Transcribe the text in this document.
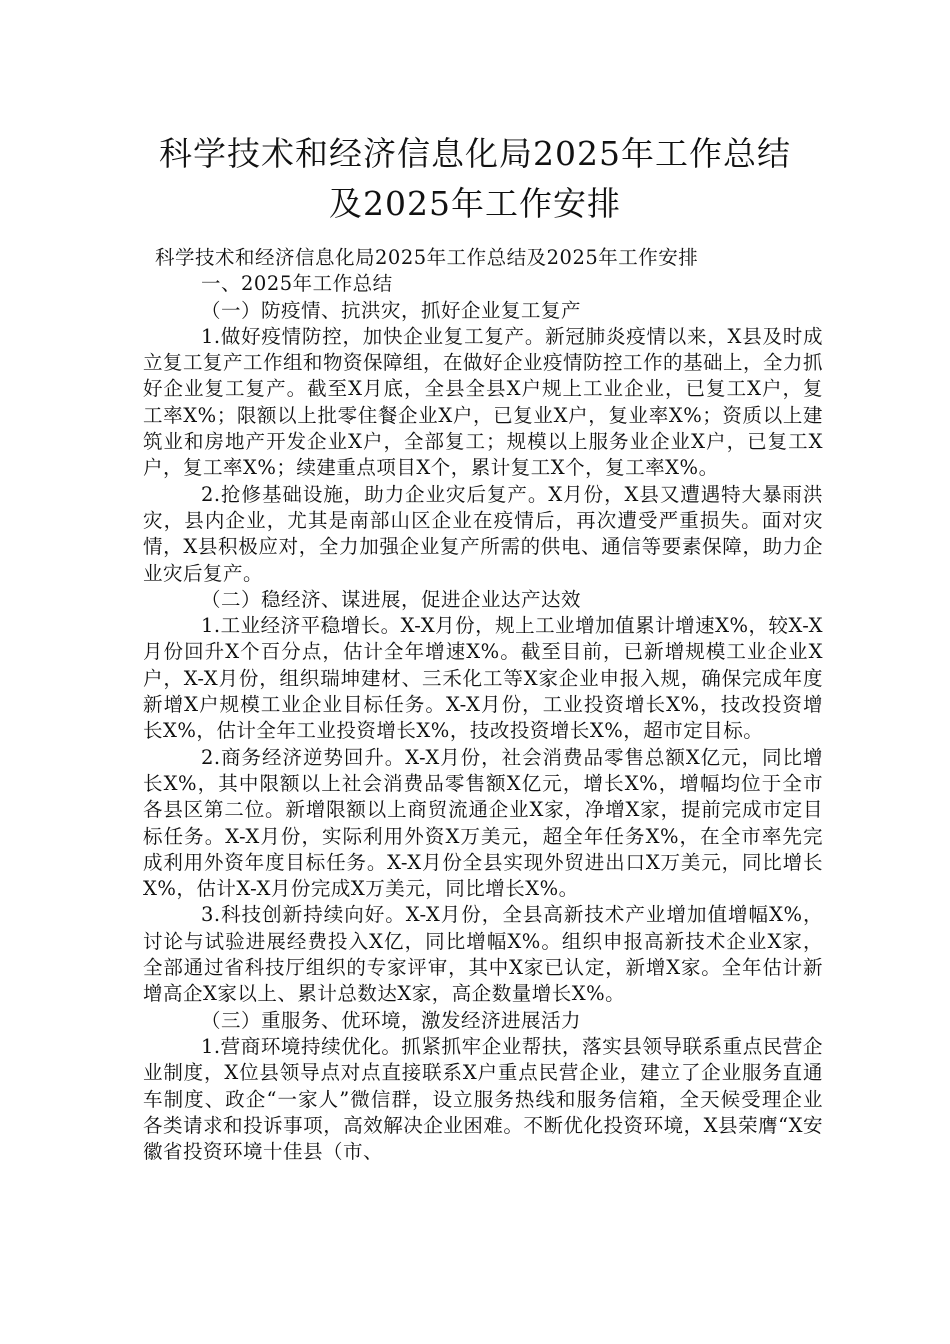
科学技术和经济信息化局2025年工作总结
及2025年工作安排

科学技术和经济信息化局2025年工作总结及2025年工作安排

一、2025年工作总结

（一）防疫情、抗洪灾，抓好企业复工复产

1.做好疫情防控，加快企业复工复产。新冠肺炎疫情以来，X县及时成立复工复产工作组和物资保障组，在做好企业疫情防控工作的基础上，全力抓好企业复工复产。截至X月底，全县全县X户规上工业企业，已复工X户，复工率X%；限额以上批零住餐企业X户，已复业X户，复业率X%；资质以上建筑业和房地产开发企业X户，全部复工；规模以上服务业企业X户，已复工X户，复工率X%；续建重点项目X个，累计复工X个，复工率X%。

2.抢修基础设施，助力企业灾后复产。X月份，X县又遭遇特大暴雨洪灾，县内企业，尤其是南部山区企业在疫情后，再次遭受严重损失。面对灾情，X县积极应对，全力加强企业复产所需的供电、通信等要素保障，助力企业灾后复产。

（二）稳经济、谋进展，促进企业达产达效

1.工业经济平稳增长。X-X月份，规上工业增加值累计增速X%，较X-X月份回升X个百分点，估计全年增速X%。截至目前，已新增规模工业企业X户，X-X月份，组织瑞坤建材、三禾化工等X家企业申报入规，确保完成年度新增X户规模工业企业目标任务。X-X月份，工业投资增长X%，技改投资增长X%，估计全年工业投资增长X%，技改投资增长X%，超市定目标。

2.商务经济逆势回升。X-X月份，社会消费品零售总额X亿元，同比增长X%，其中限额以上社会消费品零售额X亿元，增长X%，增幅均位于全市各县区第二位。新增限额以上商贸流通企业X家，净增X家，提前完成市定目标任务。X-X月份，实际利用外资X万美元，超全年任务X%，在全市率先完成利用外资年度目标任务。X-X月份全县实现外贸进出口X万美元，同比增长X%，估计X-X月份完成X万美元，同比增长X%。

3.科技创新持续向好。X-X月份，全县高新技术产业增加值增幅X%，讨论与试验进展经费投入X亿，同比增幅X%。组织申报高新技术企业X家，全部通过省科技厅组织的专家评审，其中X家已认定，新增X家。全年估计新增高企X家以上、累计总数达X家，高企数量增长X%。

（三）重服务、优环境，激发经济进展活力

1.营商环境持续优化。抓紧抓牢企业帮扶，落实县领导联系重点民营企业制度，X位县领导点对点直接联系X户重点民营企业，建立了企业服务直通车制度、政企“一家人”微信群，设立服务热线和服务信箱，全天候受理企业各类请求和投诉事项，高效解决企业困难。不断优化投资环境，X县荣膺“X安徽省投资环境十佳县（市、
